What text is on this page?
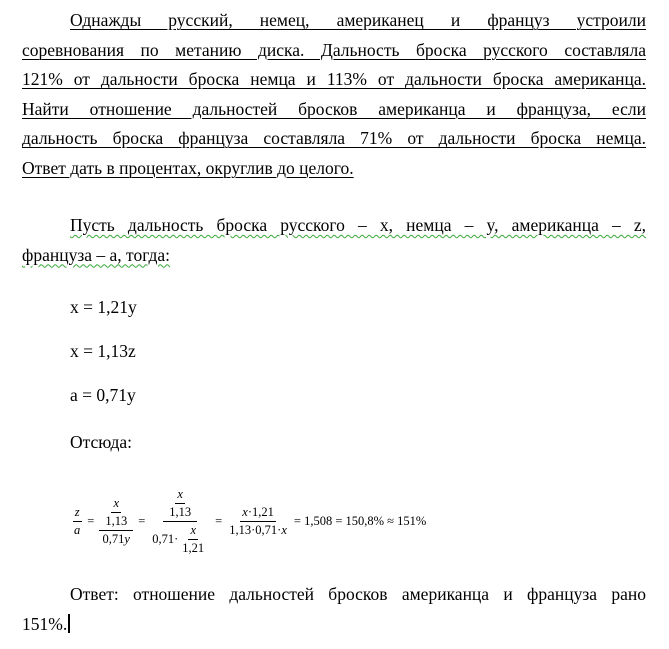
Однажды русский, немец, американец и француз устроили
соревнования по метанию диска. Дальность броска русского составляла
121% от дальности броска немца и 113% от дальности броска американца.
Найти отношение дальностей бросков американца и француза, если
дальность броска француза составляла 71% от дальности броска немца.
Ответ дать в процентах, округлив до целого.
Пусть дальность броска русского – x, немца – y, американца – z,
француза – a, тогда:
x = 1,21y
x = 1,13z
a = 0,71y
Отсюда:
$\frac{z}{a} = \frac{\frac{x}{1,13}}{0,71y} = \frac{\frac{x}{1,13}}{0,71 \cdot \frac{x}{1,21}} = \frac{x\cdot 1,21}{1,13\cdot 0,71\cdot x} = 1,508 = 150,8\% \approx 151\%$
Ответ: отношение дальностей бросков американца и француза рано
151%.
